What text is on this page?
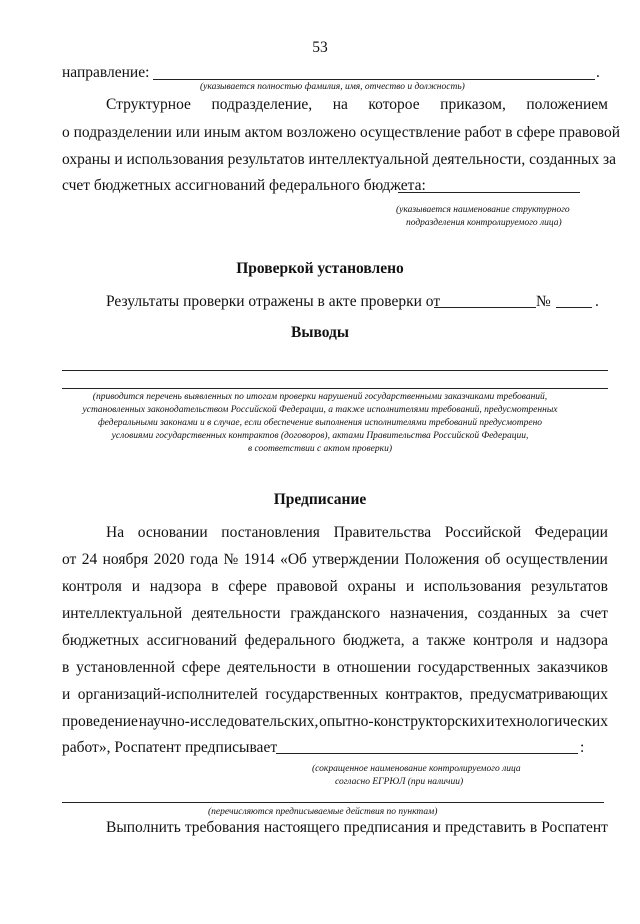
53
направление:	.
(указывается полностью фамилия, имя, отчество и должность)
Структурное подразделение, на которое приказом, положением
о подразделении или иным актом возложено осуществление работ в сфере правовой
охраны и использования результатов интеллектуальной деятельности, созданных за
счет бюджетных ассигнований федерального бюджета:
(указывается наименование структурного
подразделения контролируемого лица)
Проверкой установлено
Результаты проверки отражены в акте проверки от	№	.
Выводы
(приводится перечень выявленных по итогам проверки нарушений государственными заказчиками требований,
установленных законодательством Российской Федерации, а также исполнителями требований, предусмотренных
федеральными законами и в случае, если обеспечение выполнения исполнителями требований предусмотрено
условиями государственных контрактов (договоров), актами Правительства Российской Федерации,
в соответствии с актом проверки)
Предписание
На основании постановления Правительства Российской Федерации
от 24 ноября 2020 года № 1914 «Об утверждении Положения об осуществлении
контроля и надзора в сфере правовой охраны и использования результатов
интеллектуальной деятельности гражданского назначения, созданных за счет
бюджетных ассигнований федерального бюджета, а также контроля и надзора
в установленной сфере деятельности в отношении государственных заказчиков
и организаций-исполнителей государственных контрактов, предусматривающих
проведение научно-исследовательских, опытно-конструкторских и технологических
работ», Роспатент предписывает	:
(сокращенное наименование контролируемого лица
согласно ЕГРЮЛ (при наличии)
(перечисляются предписываемые действия по пунктам)
Выполнить требования настоящего предписания и представить в Роспатент
